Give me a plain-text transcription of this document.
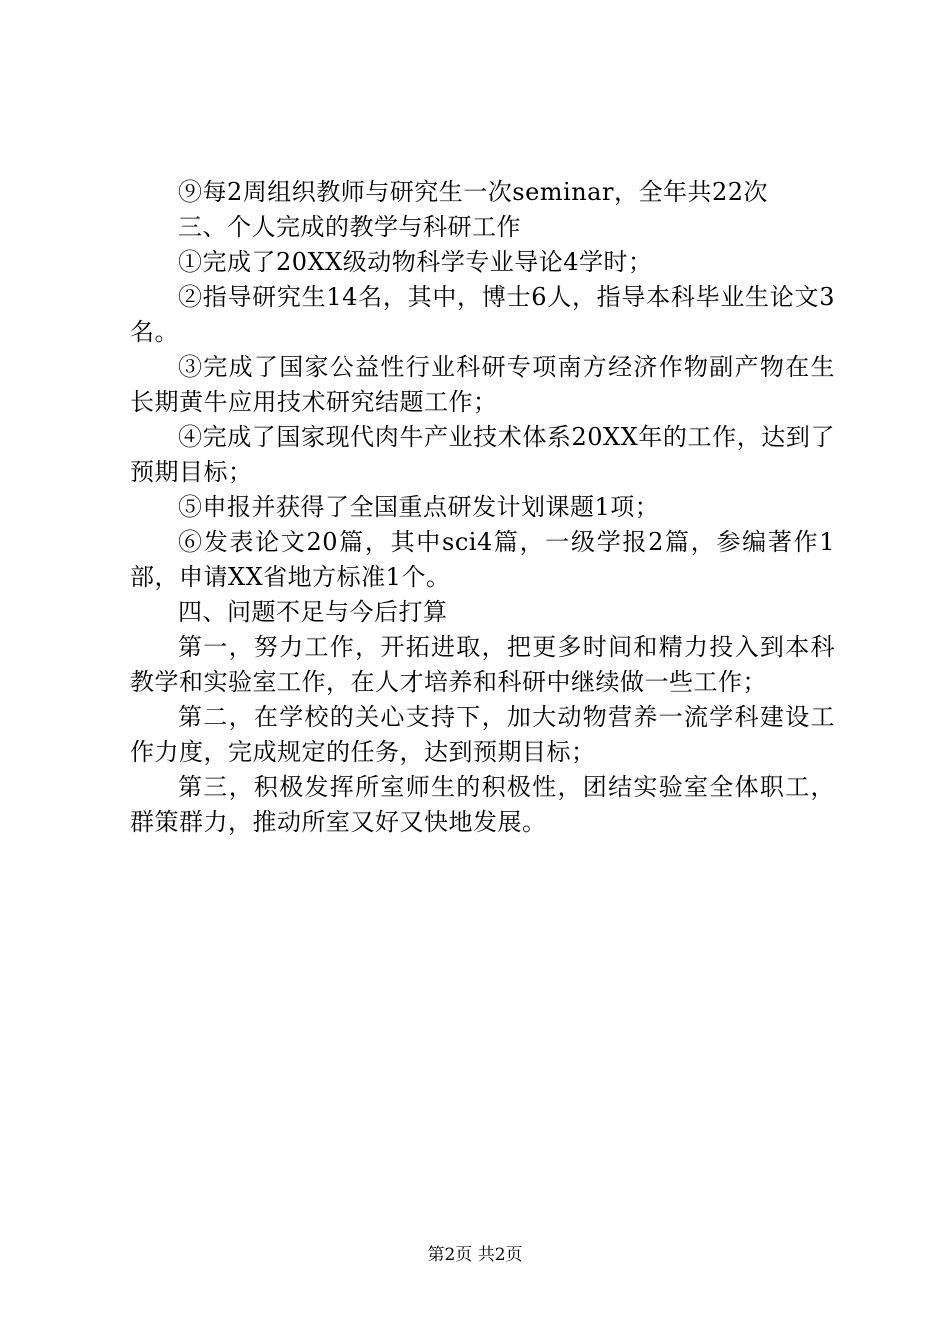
⑨每2周组织教师与研究生一次seminar，全年共22次

三、个人完成的教学与科研工作

①完成了20XX级动物科学专业导论4学时；

②指导研究生14名，其中，博士6人，指导本科毕业生论文3名。

③完成了国家公益性行业科研专项南方经济作物副产物在生长期黄牛应用技术研究结题工作；

④完成了国家现代肉牛产业技术体系20XX年的工作，达到了预期目标；

⑤申报并获得了全国重点研发计划课题1项；

⑥发表论文20篇，其中sci4篇，一级学报2篇，参编著作1部，申请XX省地方标准1个。

四、问题不足与今后打算

第一，努力工作，开拓进取，把更多时间和精力投入到本科教学和实验室工作，在人才培养和科研中继续做一些工作；

第二，在学校的关心支持下，加大动物营养一流学科建设工作力度，完成规定的任务，达到预期目标；

第三，积极发挥所室师生的积极性，团结实验室全体职工，群策群力，推动所室又好又快地发展。

第2页 共2页
